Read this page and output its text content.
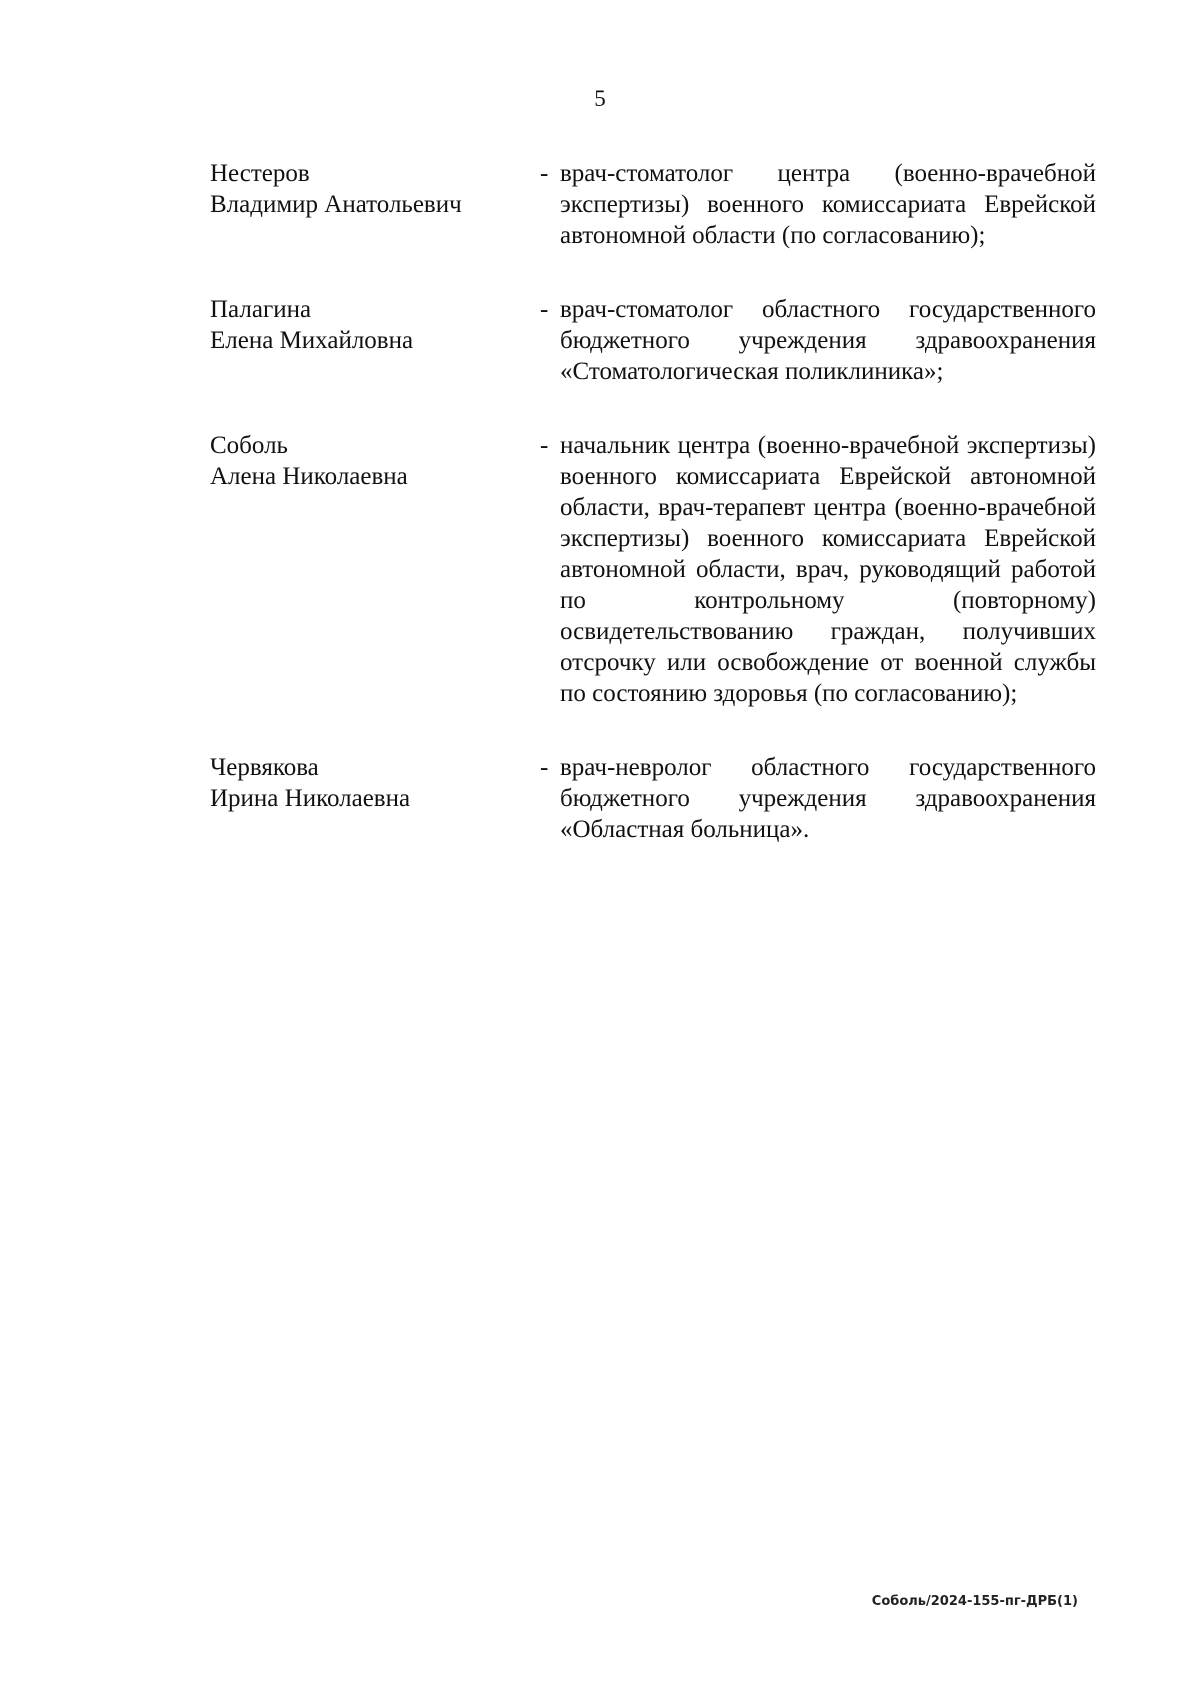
5
Нестеров
Владимир Анатольевич
- врач-стоматолог центра (военно-врачебной экспертизы) военного комиссариата Еврейской автономной области (по согласованию);
Палагина
Елена Михайловна
- врач-стоматолог областного государственного бюджетного учреждения здравоохранения «Стоматологическая поликлиника»;
Соболь
Алена Николаевна
- начальник центра (военно-врачебной экспертизы) военного комиссариата Еврейской автономной области, врач-терапевт центра (военно-врачебной экспертизы) военного комиссариата Еврейской автономной области, врач, руководящий работой по контрольному (повторному) освидетельствованию граждан, получивших отсрочку или освобождение от военной службы по состоянию здоровья (по согласованию);
Червякова
Ирина Николаевна
- врач-невролог областного государственного бюджетного учреждения здравоохранения «Областная больница».
Соболь/2024-155-пг-ДРБ(1)
